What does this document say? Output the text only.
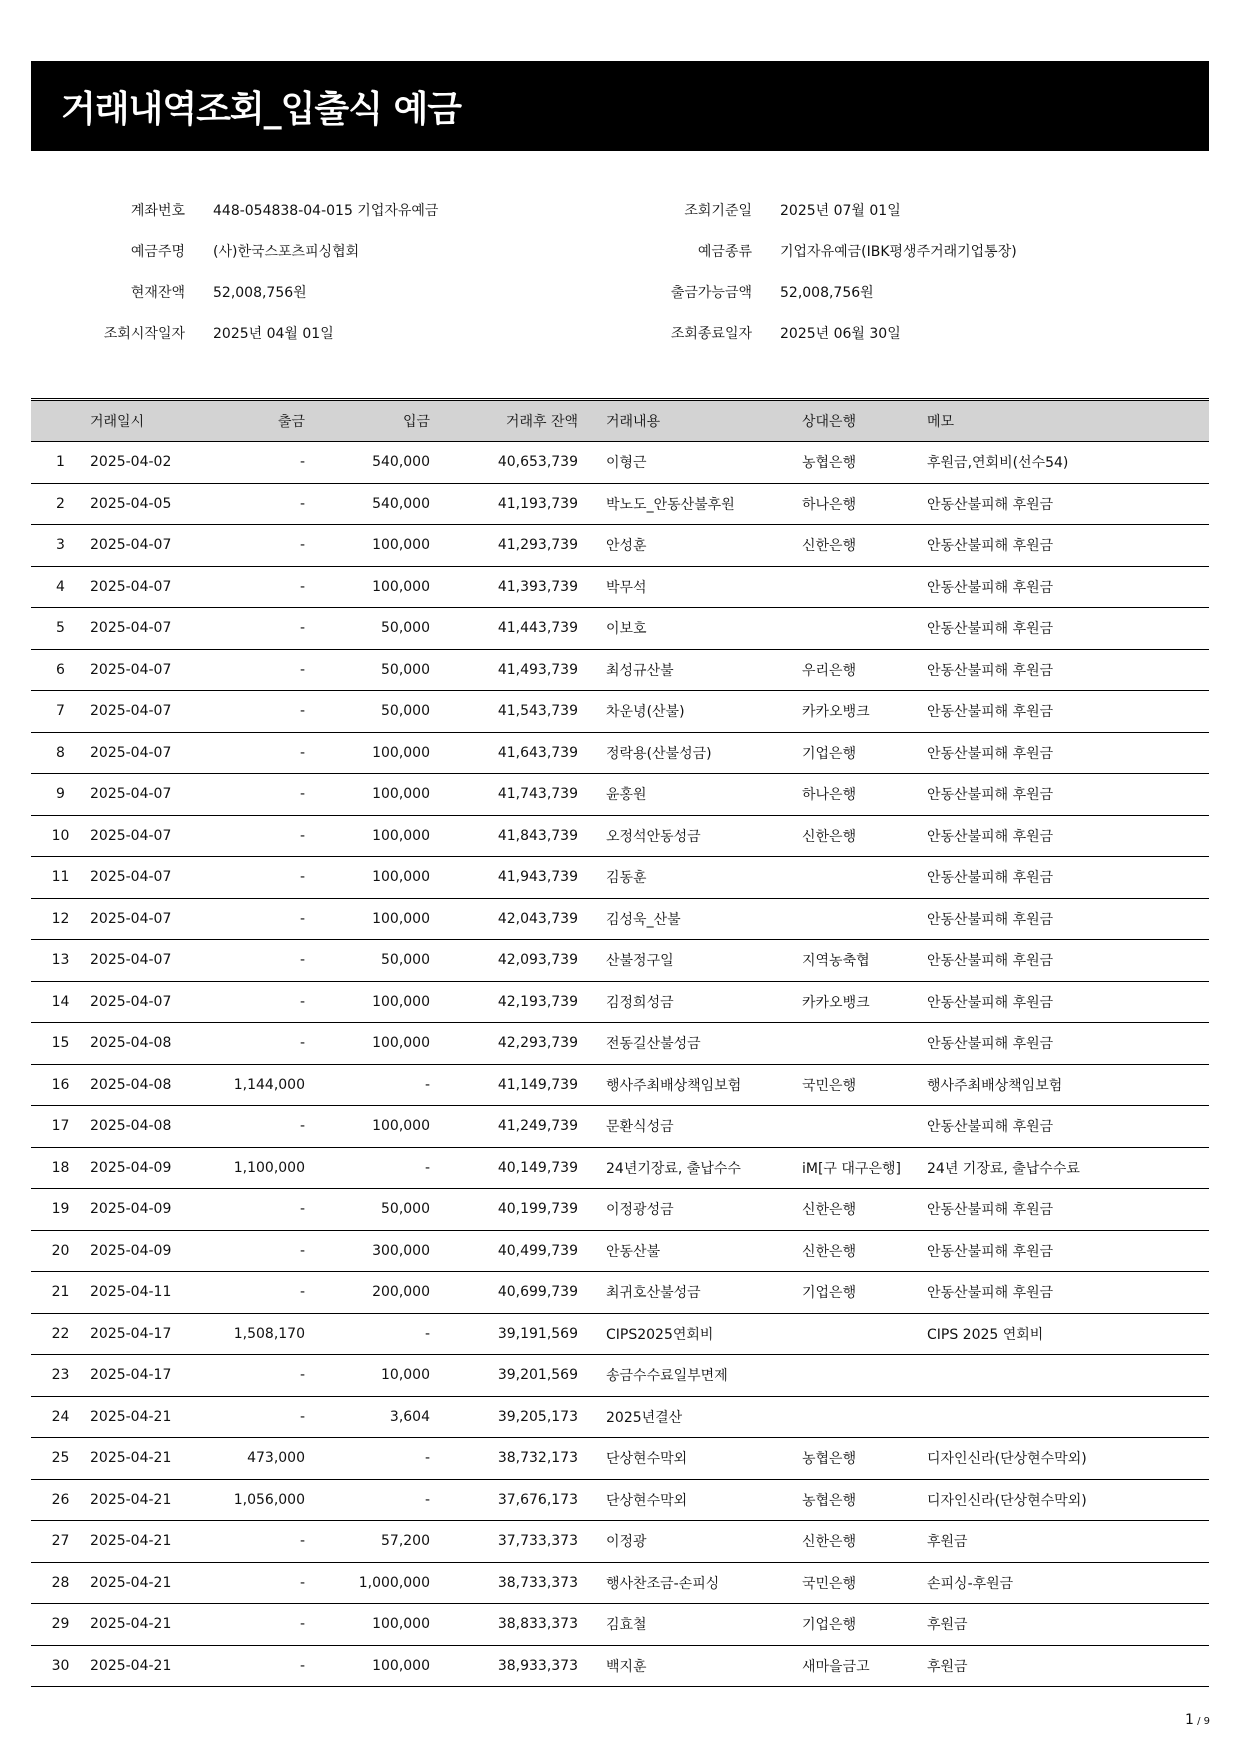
거래내역조회_입출식 예금
계좌번호 448-054838-04-015 기업자유예금	조회기준일 2025년 07월 01일
예금주명 (사)한국스포츠피싱협회	예금종류 기업자유예금(IBK평생주거래기업통장)
현재잔액 52,008,756원	출금가능금액 52,008,756원
조회시작일자 2025년 04월 01일	조회종료일자 2025년 06월 30일
	거래일시	출금	입금	거래후 잔액	거래내용	상대은행	메모
1	2025-04-02	-	540,000	40,653,739	이형근	농협은행	후원금,연회비(선수54)
2	2025-04-05	-	540,000	41,193,739	박노도_안동산불후원	하나은행	안동산불피해 후원금
3	2025-04-07	-	100,000	41,293,739	안성훈	신한은행	안동산불피해 후원금
4	2025-04-07	-	100,000	41,393,739	박무석		안동산불피해 후원금
5	2025-04-07	-	50,000	41,443,739	이보호		안동산불피해 후원금
6	2025-04-07	-	50,000	41,493,739	최성규산불	우리은행	안동산불피해 후원금
7	2025-04-07	-	50,000	41,543,739	차운녕(산불)	카카오뱅크	안동산불피해 후원금
8	2025-04-07	-	100,000	41,643,739	정락용(산불성금)	기업은행	안동산불피해 후원금
9	2025-04-07	-	100,000	41,743,739	윤홍원	하나은행	안동산불피해 후원금
10	2025-04-07	-	100,000	41,843,739	오정석안동성금	신한은행	안동산불피해 후원금
11	2025-04-07	-	100,000	41,943,739	김동훈		안동산불피해 후원금
12	2025-04-07	-	100,000	42,043,739	김성욱_산불		안동산불피해 후원금
13	2025-04-07	-	50,000	42,093,739	산불정구일	지역농축협	안동산불피해 후원금
14	2025-04-07	-	100,000	42,193,739	김정희성금	카카오뱅크	안동산불피해 후원금
15	2025-04-08	-	100,000	42,293,739	전동길산불성금		안동산불피해 후원금
16	2025-04-08	1,144,000	-	41,149,739	행사주최배상책임보험	국민은행	행사주최배상책임보험
17	2025-04-08	-	100,000	41,249,739	문환식성금		안동산불피해 후원금
18	2025-04-09	1,100,000	-	40,149,739	24년기장료, 출납수수	iM[구 대구은행]	24년 기장료, 출납수수료
19	2025-04-09	-	50,000	40,199,739	이정광성금	신한은행	안동산불피해 후원금
20	2025-04-09	-	300,000	40,499,739	안동산불	신한은행	안동산불피해 후원금
21	2025-04-11	-	200,000	40,699,739	최귀호산불성금	기업은행	안동산불피해 후원금
22	2025-04-17	1,508,170	-	39,191,569	CIPS2025연회비		CIPS 2025 연회비
23	2025-04-17	-	10,000	39,201,569	송금수수료일부면제		
24	2025-04-21	-	3,604	39,205,173	2025년결산		
25	2025-04-21	473,000	-	38,732,173	단상현수막외	농협은행	디자인신라(단상현수막외)
26	2025-04-21	1,056,000	-	37,676,173	단상현수막외	농협은행	디자인신라(단상현수막외)
27	2025-04-21	-	57,200	37,733,373	이정광	신한은행	후원금
28	2025-04-21	-	1,000,000	38,733,373	행사찬조금-손피싱	국민은행	손피싱-후원금
29	2025-04-21	-	100,000	38,833,373	김효철	기업은행	후원금
30	2025-04-21	-	100,000	38,933,373	백지훈	새마을금고	후원금
1 / 9
